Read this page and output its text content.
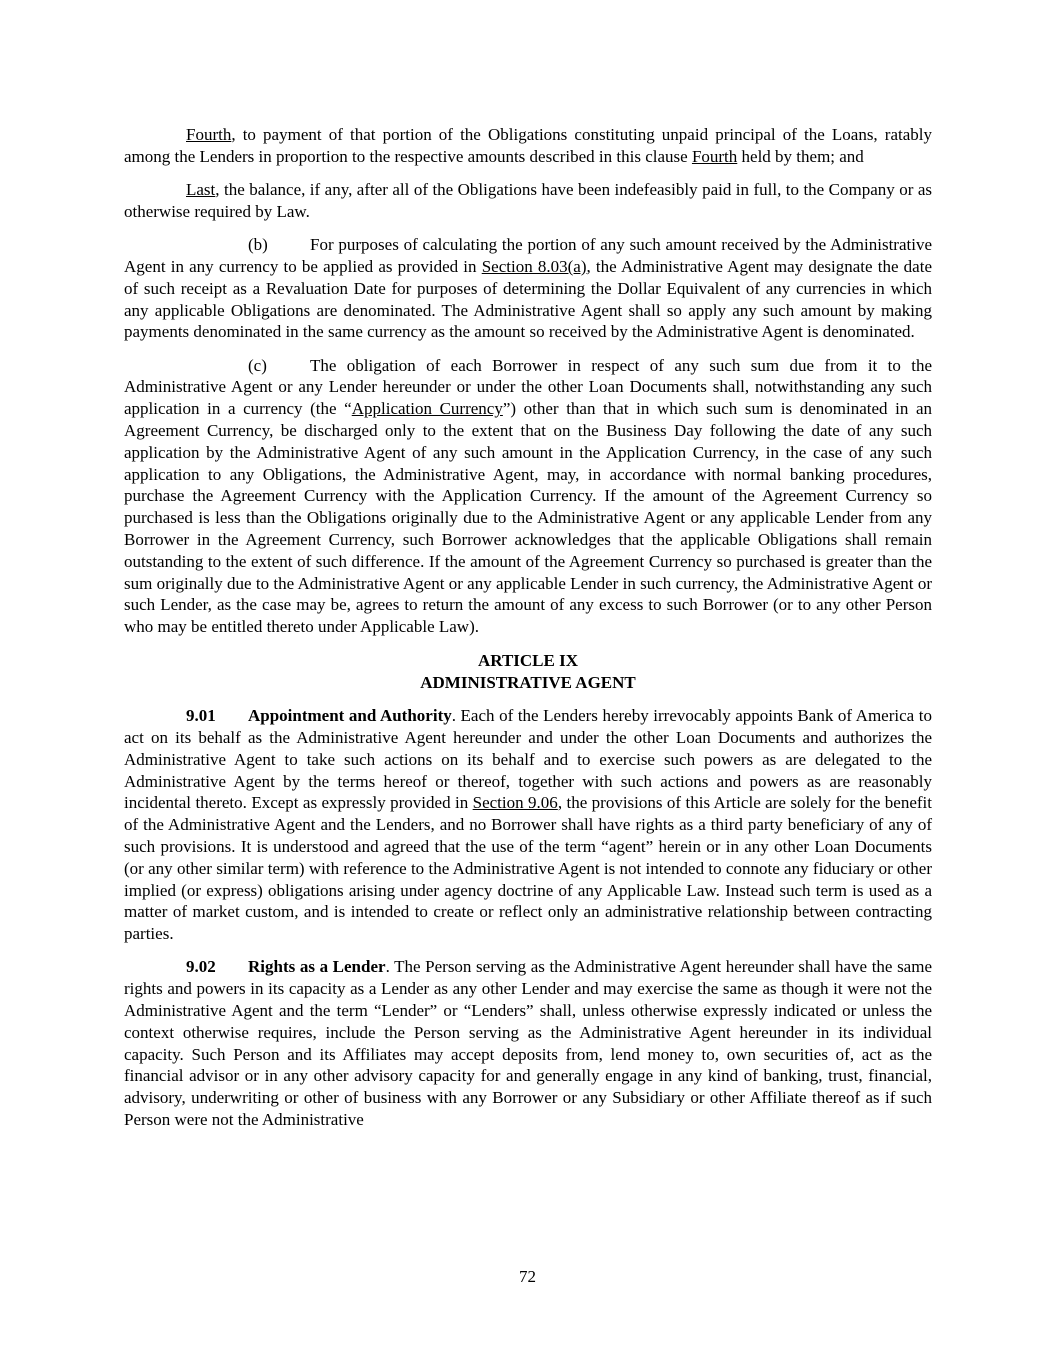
Fourth, to payment of that portion of the Obligations constituting unpaid principal of the Loans, ratably among the Lenders in proportion to the respective amounts described in this clause Fourth held by them; and

Last, the balance, if any, after all of the Obligations have been indefeasibly paid in full, to the Company or as otherwise required by Law.

(b) For purposes of calculating the portion of any such amount received by the Administrative Agent in any currency to be applied as provided in Section 8.03(a), the Administrative Agent may designate the date of such receipt as a Revaluation Date for purposes of determining the Dollar Equivalent of any currencies in which any applicable Obligations are denominated. The Administrative Agent shall so apply any such amount by making payments denominated in the same currency as the amount so received by the Administrative Agent is denominated.

(c)	The obligation of each Borrower in respect of any such sum due from it to the Administrative Agent or any Lender hereunder or under the other Loan Documents shall, notwithstanding any such application in a currency (the “Application Currency”) other than that in which such sum is denominated in an Agreement Currency, be discharged only to the extent that on the Business Day following the date of any such application by the Administrative Agent of any such amount in the Application Currency, in the case of any such application to any Obligations, the Administrative Agent, may, in accordance with normal banking procedures, purchase the Agreement Currency with the Application Currency. If the amount of the Agreement Currency so purchased is less than the Obligations originally due to the Administrative Agent or any applicable Lender from any Borrower in the Agreement Currency, such Borrower acknowledges that the applicable Obligations shall remain outstanding to the extent of such difference. If the amount of the Agreement Currency so purchased is greater than the sum originally due to the Administrative Agent or any applicable Lender in such currency, the Administrative Agent or such Lender, as the case may be, agrees to return the amount of any excess to such Borrower (or to any other Person who may be entitled thereto under Applicable Law).

ARTICLE IX
ADMINISTRATIVE AGENT

9.01 Appointment and Authority. Each of the Lenders hereby irrevocably appoints Bank of America to act on its behalf as the Administrative Agent hereunder and under the other Loan Documents and authorizes the Administrative Agent to take such actions on its behalf and to exercise such powers as are delegated to the Administrative Agent by the terms hereof or thereof, together with such actions and powers as are reasonably incidental thereto. Except as expressly provided in Section 9.06, the provisions of this Article are solely for the benefit of the Administrative Agent and the Lenders, and no Borrower shall have rights as a third party beneficiary of any of such provisions. It is understood and agreed that the use of the term “agent” herein or in any other Loan Documents (or any other similar term) with reference to the Administrative Agent is not intended to connote any fiduciary or other implied (or express) obligations arising under agency doctrine of any Applicable Law. Instead such term is used as a matter of market custom, and is intended to create or reflect only an administrative relationship between contracting parties.

9.02 Rights as a Lender. The Person serving as the Administrative Agent hereunder shall have the same rights and powers in its capacity as a Lender as any other Lender and may exercise the same as though it were not the Administrative Agent and the term “Lender” or “Lenders” shall, unless otherwise expressly indicated or unless the context otherwise requires, include the Person serving as the Administrative Agent hereunder in its individual capacity. Such Person and its Affiliates may accept deposits from, lend money to, own securities of, act as the financial advisor or in any other advisory capacity for and generally engage in any kind of banking, trust, financial, advisory, underwriting or other of business with any Borrower or any Subsidiary or other Affiliate thereof as if such Person were not the Administrative

72
